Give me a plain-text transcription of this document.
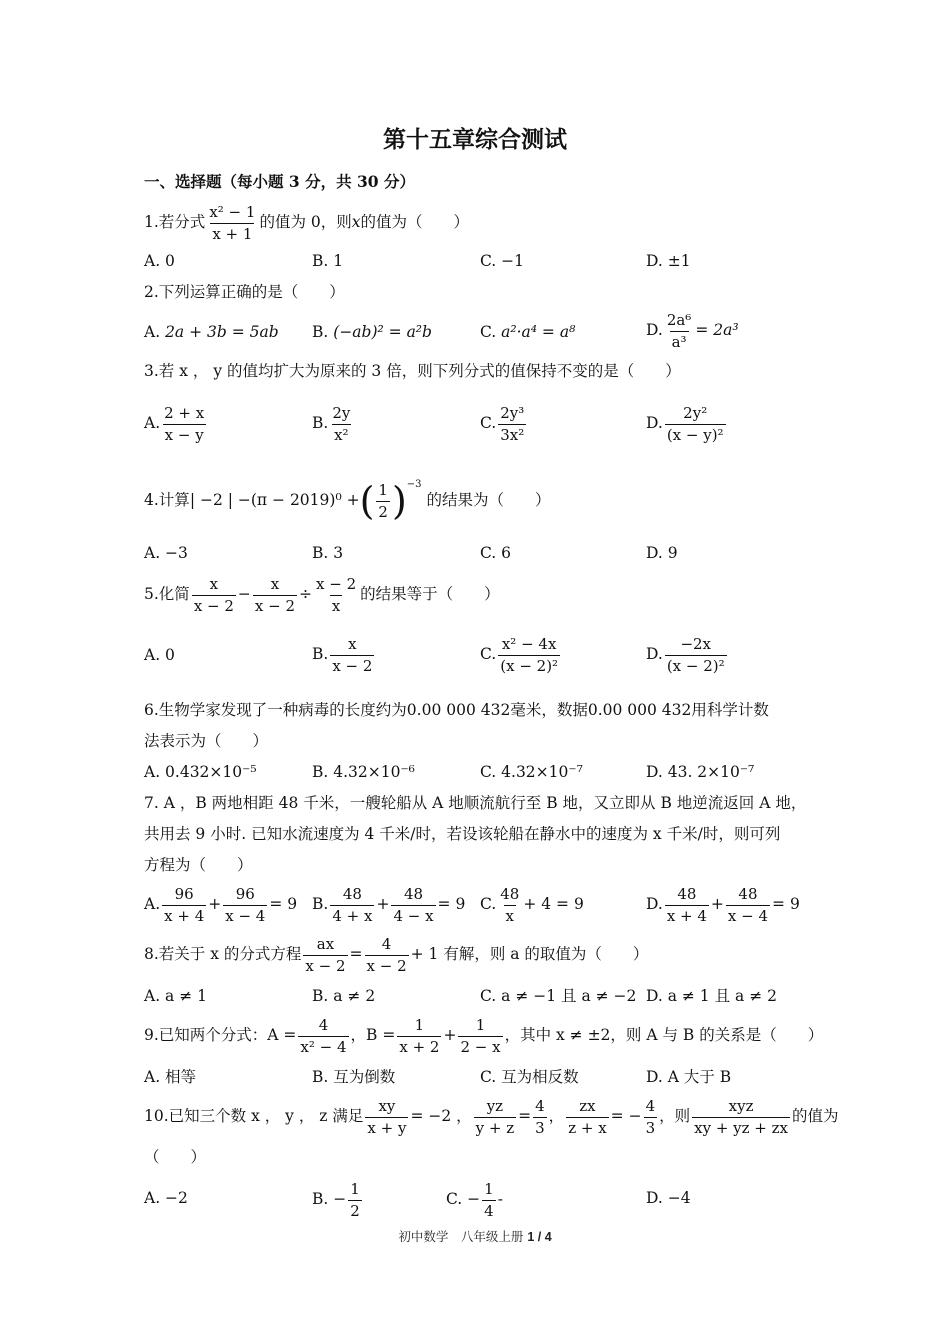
第十五章综合测试
一、选择题（每小题 3 分，共 30 分）
1.若分式 $\frac{\text{x² − 1}}{x + 1}$ 的值为 0，则x的值为（　　）
A. 0	B. 1	C. −1	D. ±1
2.下列运算正确的是（　　）
A. 2a + 3b = 5ab B. (−ab)² = a²b	C. a²·a⁴ = a⁸	D. $\frac{\text{2a⁶}}{\text{a³}} = 2a^3$
3.若 x ， y 的值均扩大为原来的 3 倍，则下列分式的值保持不变的是（　　）
A. $\frac{2 + x}{x - y}$	B. $\frac{2y}{\text{x²}}$	C. $\frac{\text{2y³}}{\text{3x²}}$	D. $\frac{\text{2y²}}{\text{(x − y)²}}$
4.计算| −2 | −(π − 2019)⁰ +( $\frac{1}{2} )^{-3}$ 的结果为（　　）
A. −3	B. 3	C. 6	D. 9
5.化简 $\frac{x}{x - 2} - \frac{x}{x - 2} \div \frac{x - 2}{x}$ 的结果等于（　　）
A. 0	B. $\frac{x}{x - 2}$	C. $\frac{\text{x² − 4x}}{\text{(x − 2)²}}$	D. $\frac{-2x}{\text{(x − 2)²}}$
6.生物学家发现了一种病毒的长度约为0.00 000 432毫米，数据0.00 000 432用科学计数
法表示为（　　）
A. 0.432×10⁻⁵	B. 4.32×10⁻⁶	C. 4.32×10⁻⁷	D. 43. 2×10⁻⁷
7. A ，B 两地相距 48 千米，一艘轮船从 A 地顺流航行至 B 地，又立即从 B 地逆流返回 A 地，
共用去 9 小时. 已知水流速度为 4 千米/时，若设该轮船在静水中的速度为 x 千米/时，则可列
方程为（　　）
A. $\frac{96}{x + 4} + \frac{96}{x - 4} = 9$ B. $\frac{48}{4 + x} + \frac{48}{4 - x} = 9$ C. $\frac{48}{x} + 4 = 9$	D. $\frac{48}{x + 4} + \frac{48}{x - 4} = 9$
8.若关于 x 的分式方程 $\frac{ax}{x - 2} = \frac{4}{x - 2} + 1$ 有解，则 a 的取值为（　　）
A. a ≠ 1	B. a ≠ 2	C. a ≠ −1 且 a ≠ −2 D. a ≠ 1 且 a ≠ 2
9.已知两个分式：$A = \frac{4}{\text{x² − 4}}$ ，$B = \frac{1}{x + 2} + \frac{1}{2 - x}$ ，其中 x ≠ ±2，则 A 与 B 的关系是（　　）
A. 相等	B. 互为倒数	C. 互为相反数	D. A 大于 B
10.已知三个数 x ， y ， z 满足 $\frac{xy}{x + y} = -2$ ， $\frac{yz}{y + z} = \frac{4}{3}$ ， $\frac{zx}{z + x}$ = − $\frac{4}{3}$ ，则 $\frac{\text{xyz}}{xy + yz + zx}$ 的值为
（　　）
A. −2	B. − $\frac{1}{2}$	C. − $\frac{1}{4}$ -	D. −4
初中数学　八年级上册 1 / 4
